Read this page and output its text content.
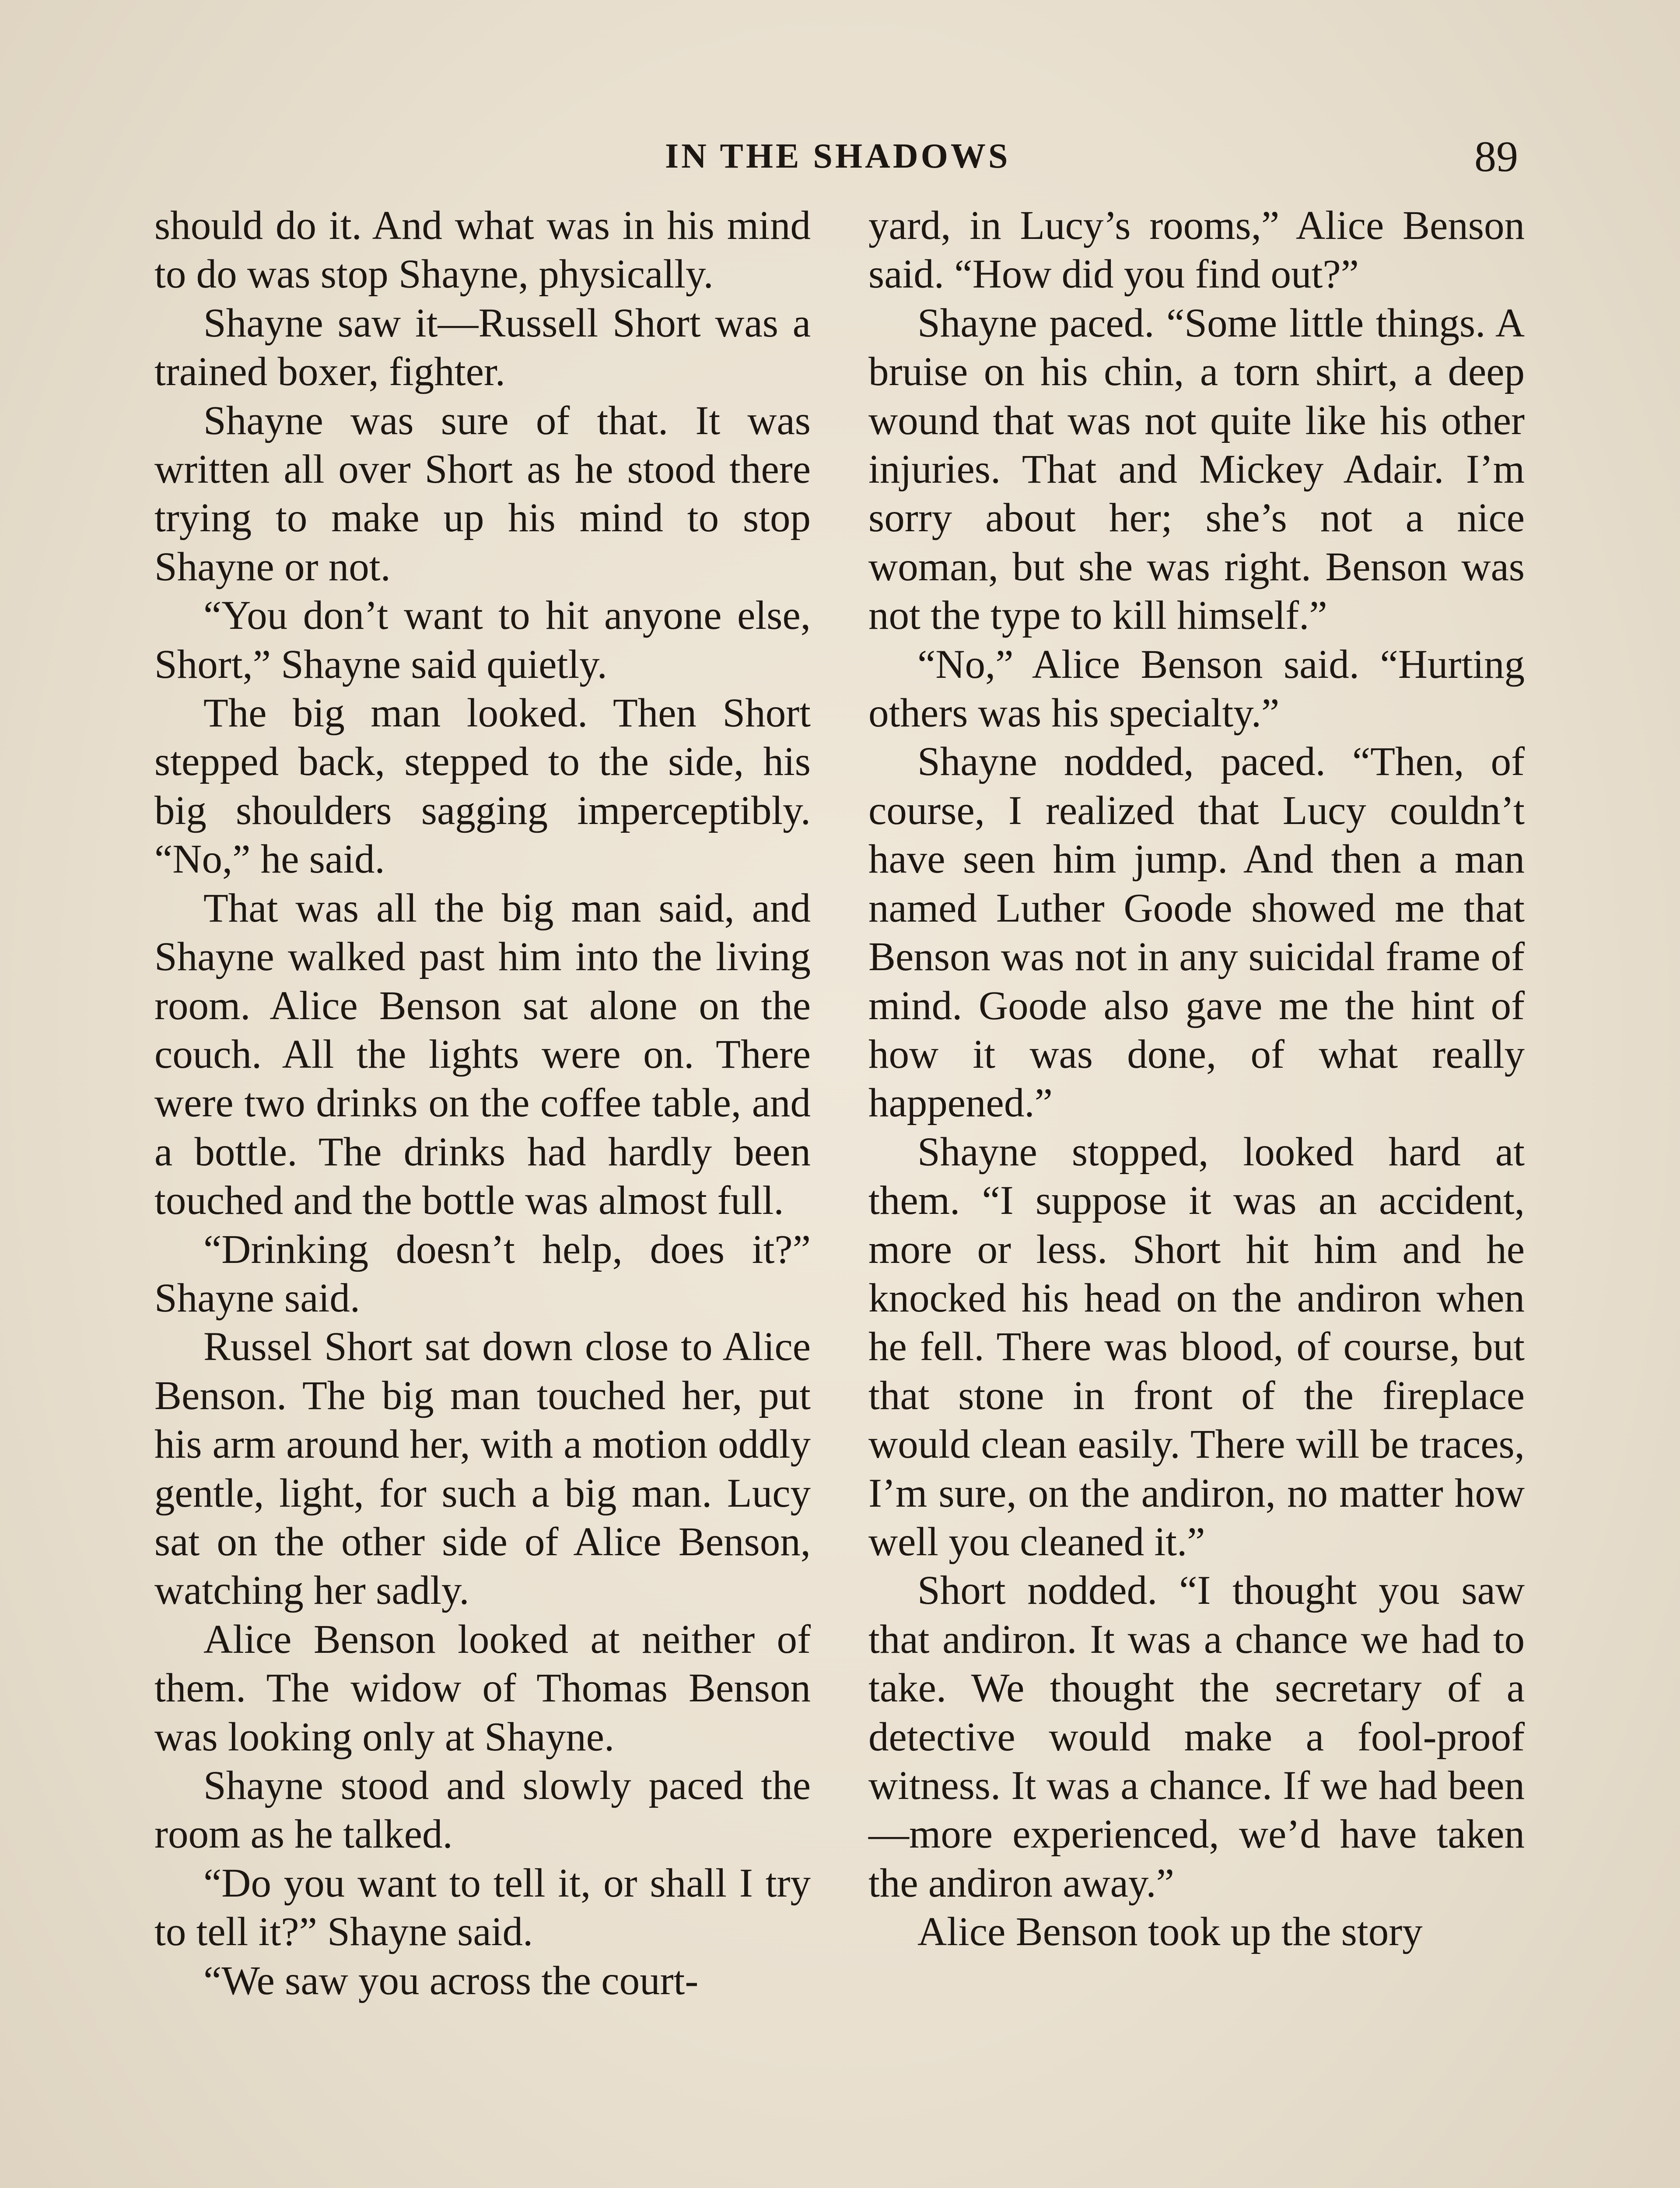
IN THE SHADOWS	89

should do it. And what was in his mind to do was stop Shayne, physically.

Shayne saw it—Russell Short was a trained boxer, fighter.

Shayne was sure of that. It was written all over Short as he stood there trying to make up his mind to stop Shayne or not.

“You don’t want to hit anyone else, Short,” Shayne said quietly.

The big man looked. Then Short stepped back, stepped to the side, his big shoulders sagging imperceptibly. “No,” he said.

That was all the big man said, and Shayne walked past him into the living room. Alice Benson sat alone on the couch. All the lights were on. There were two drinks on the coffee table, and a bottle. The drinks had hardly been touched and the bottle was almost full.

“Drinking doesn’t help, does it?” Shayne said.

Russel Short sat down close to Alice Benson. The big man touched her, put his arm around her, with a motion oddly gentle, light, for such a big man. Lucy sat on the other side of Alice Benson, watching her sadly.

Alice Benson looked at neither of them. The widow of Thomas Benson was looking only at Shayne.

Shayne stood and slowly paced the room as he talked.

“Do you want to tell it, or shall I try to tell it?” Shayne said.

“We saw you across the court-

yard, in Lucy’s rooms,” Alice Benson said. “How did you find out?”

Shayne paced. “Some little things. A bruise on his chin, a torn shirt, a deep wound that was not quite like his other injuries. That and Mickey Adair. I’m sorry about her; she’s not a nice woman, but she was right. Benson was not the type to kill himself.”

“No,” Alice Benson said. “Hurting others was his specialty.”

Shayne nodded, paced. “Then, of course, I realized that Lucy couldn’t have seen him jump. And then a man named Luther Goode showed me that Benson was not in any suicidal frame of mind. Goode also gave me the hint of how it was done, of what really happened.”

Shayne stopped, looked hard at them. “I suppose it was an accident, more or less. Short hit him and he knocked his head on the andiron when he fell. There was blood, of course, but that stone in front of the fireplace would clean easily. There will be traces, I’m sure, on the andiron, no matter how well you cleaned it.”

Short nodded. “I thought you saw that andiron. It was a chance we had to take. We thought the secretary of a detective would make a fool-proof witness. It was a chance. If we had been—more experienced, we’d have taken the andiron away.”

Alice Benson took up the story
